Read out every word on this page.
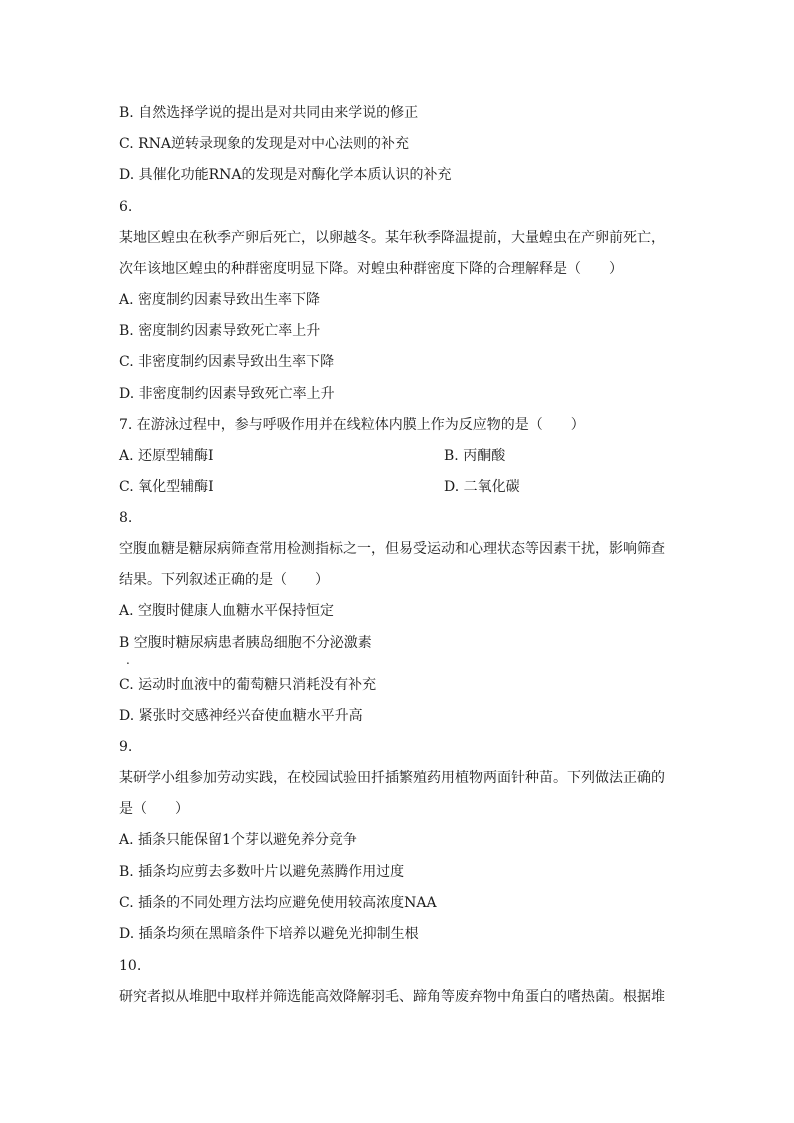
B. 自然选择学说的提出是对共同由来学说的修正
C. RNA逆转录现象的发现是对中心法则的补充
D. 具催化功能RNA的发现是对酶化学本质认识的补充
6.
某地区蝗虫在秋季产卵后死亡，以卵越冬。某年秋季降温提前，大量蝗虫在产卵前死亡，
次年该地区蝗虫的种群密度明显下降。对蝗虫种群密度下降的合理解释是（　　）
A. 密度制约因素导致出生率下降
B. 密度制约因素导致死亡率上升
C. 非密度制约因素导致出生率下降
D. 非密度制约因素导致死亡率上升
7. 在游泳过程中，参与呼吸作用并在线粒体内膜上作为反应物的是（　　）
A. 还原型辅酶Ⅰ	B. 丙酮酸
C. 氧化型辅酶Ⅰ	D. 二氧化碳
8.
空腹血糖是糖尿病筛查常用检测指标之一，但易受运动和心理状态等因素干扰，影响筛查
结果。下列叙述正确的是（　　）
A. 空腹时健康人血糖水平保持恒定
B 空腹时糖尿病患者胰岛细胞不分泌激素
.
C. 运动时血液中的葡萄糖只消耗没有补充
D. 紧张时交感神经兴奋使血糖水平升高
9.
某研学小组参加劳动实践，在校园试验田扦插繁殖药用植物两面针种苗。下列做法正确的
是（　　）
A. 插条只能保留1个芽以避免养分竞争
B. 插条均应剪去多数叶片以避免蒸腾作用过度
C. 插条的不同处理方法均应避免使用较高浓度NAA
D. 插条均须在黑暗条件下培养以避免光抑制生根
10.
研究者拟从堆肥中取样并筛选能高效降解羽毛、蹄角等废弃物中角蛋白的嗜热菌。根据堆
